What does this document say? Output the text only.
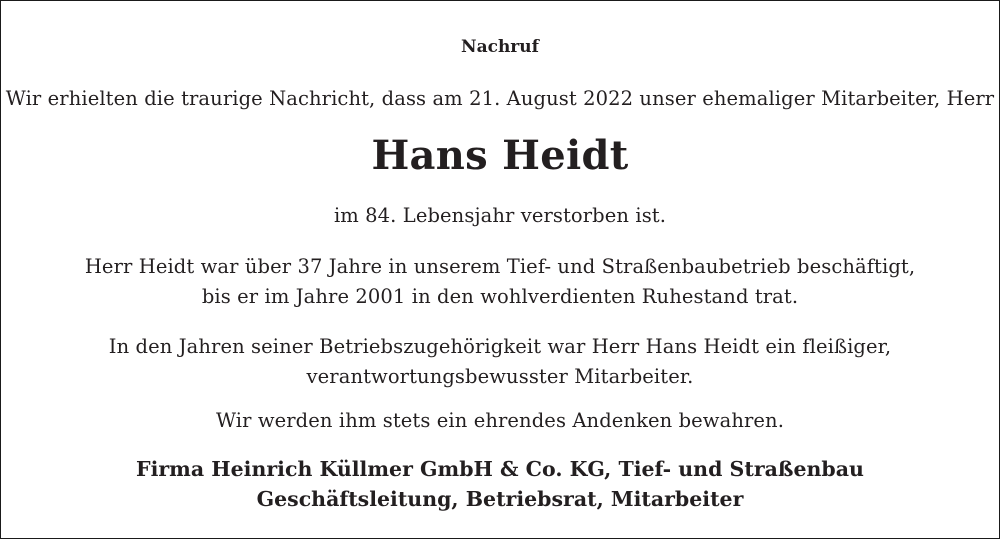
Nachruf

Wir erhielten die traurige Nachricht, dass am 21. August 2022 unser ehemaliger Mitarbeiter, Herr

Hans Heidt

im 84. Lebensjahr verstorben ist.

Herr Heidt war über 37 Jahre in unserem Tief- und Straßenbaubetrieb beschäftigt,

bis er im Jahre 2001 in den wohlverdienten Ruhestand trat.

In den Jahren seiner Betriebszugehörigkeit war Herr Hans Heidt ein fleißiger,

verantwortungsbewusster Mitarbeiter.

Wir werden ihm stets ein ehrendes Andenken bewahren.

Firma Heinrich Küllmer GmbH & Co. KG, Tief- und Straßenbau

Geschäftsleitung, Betriebsrat, Mitarbeiter
